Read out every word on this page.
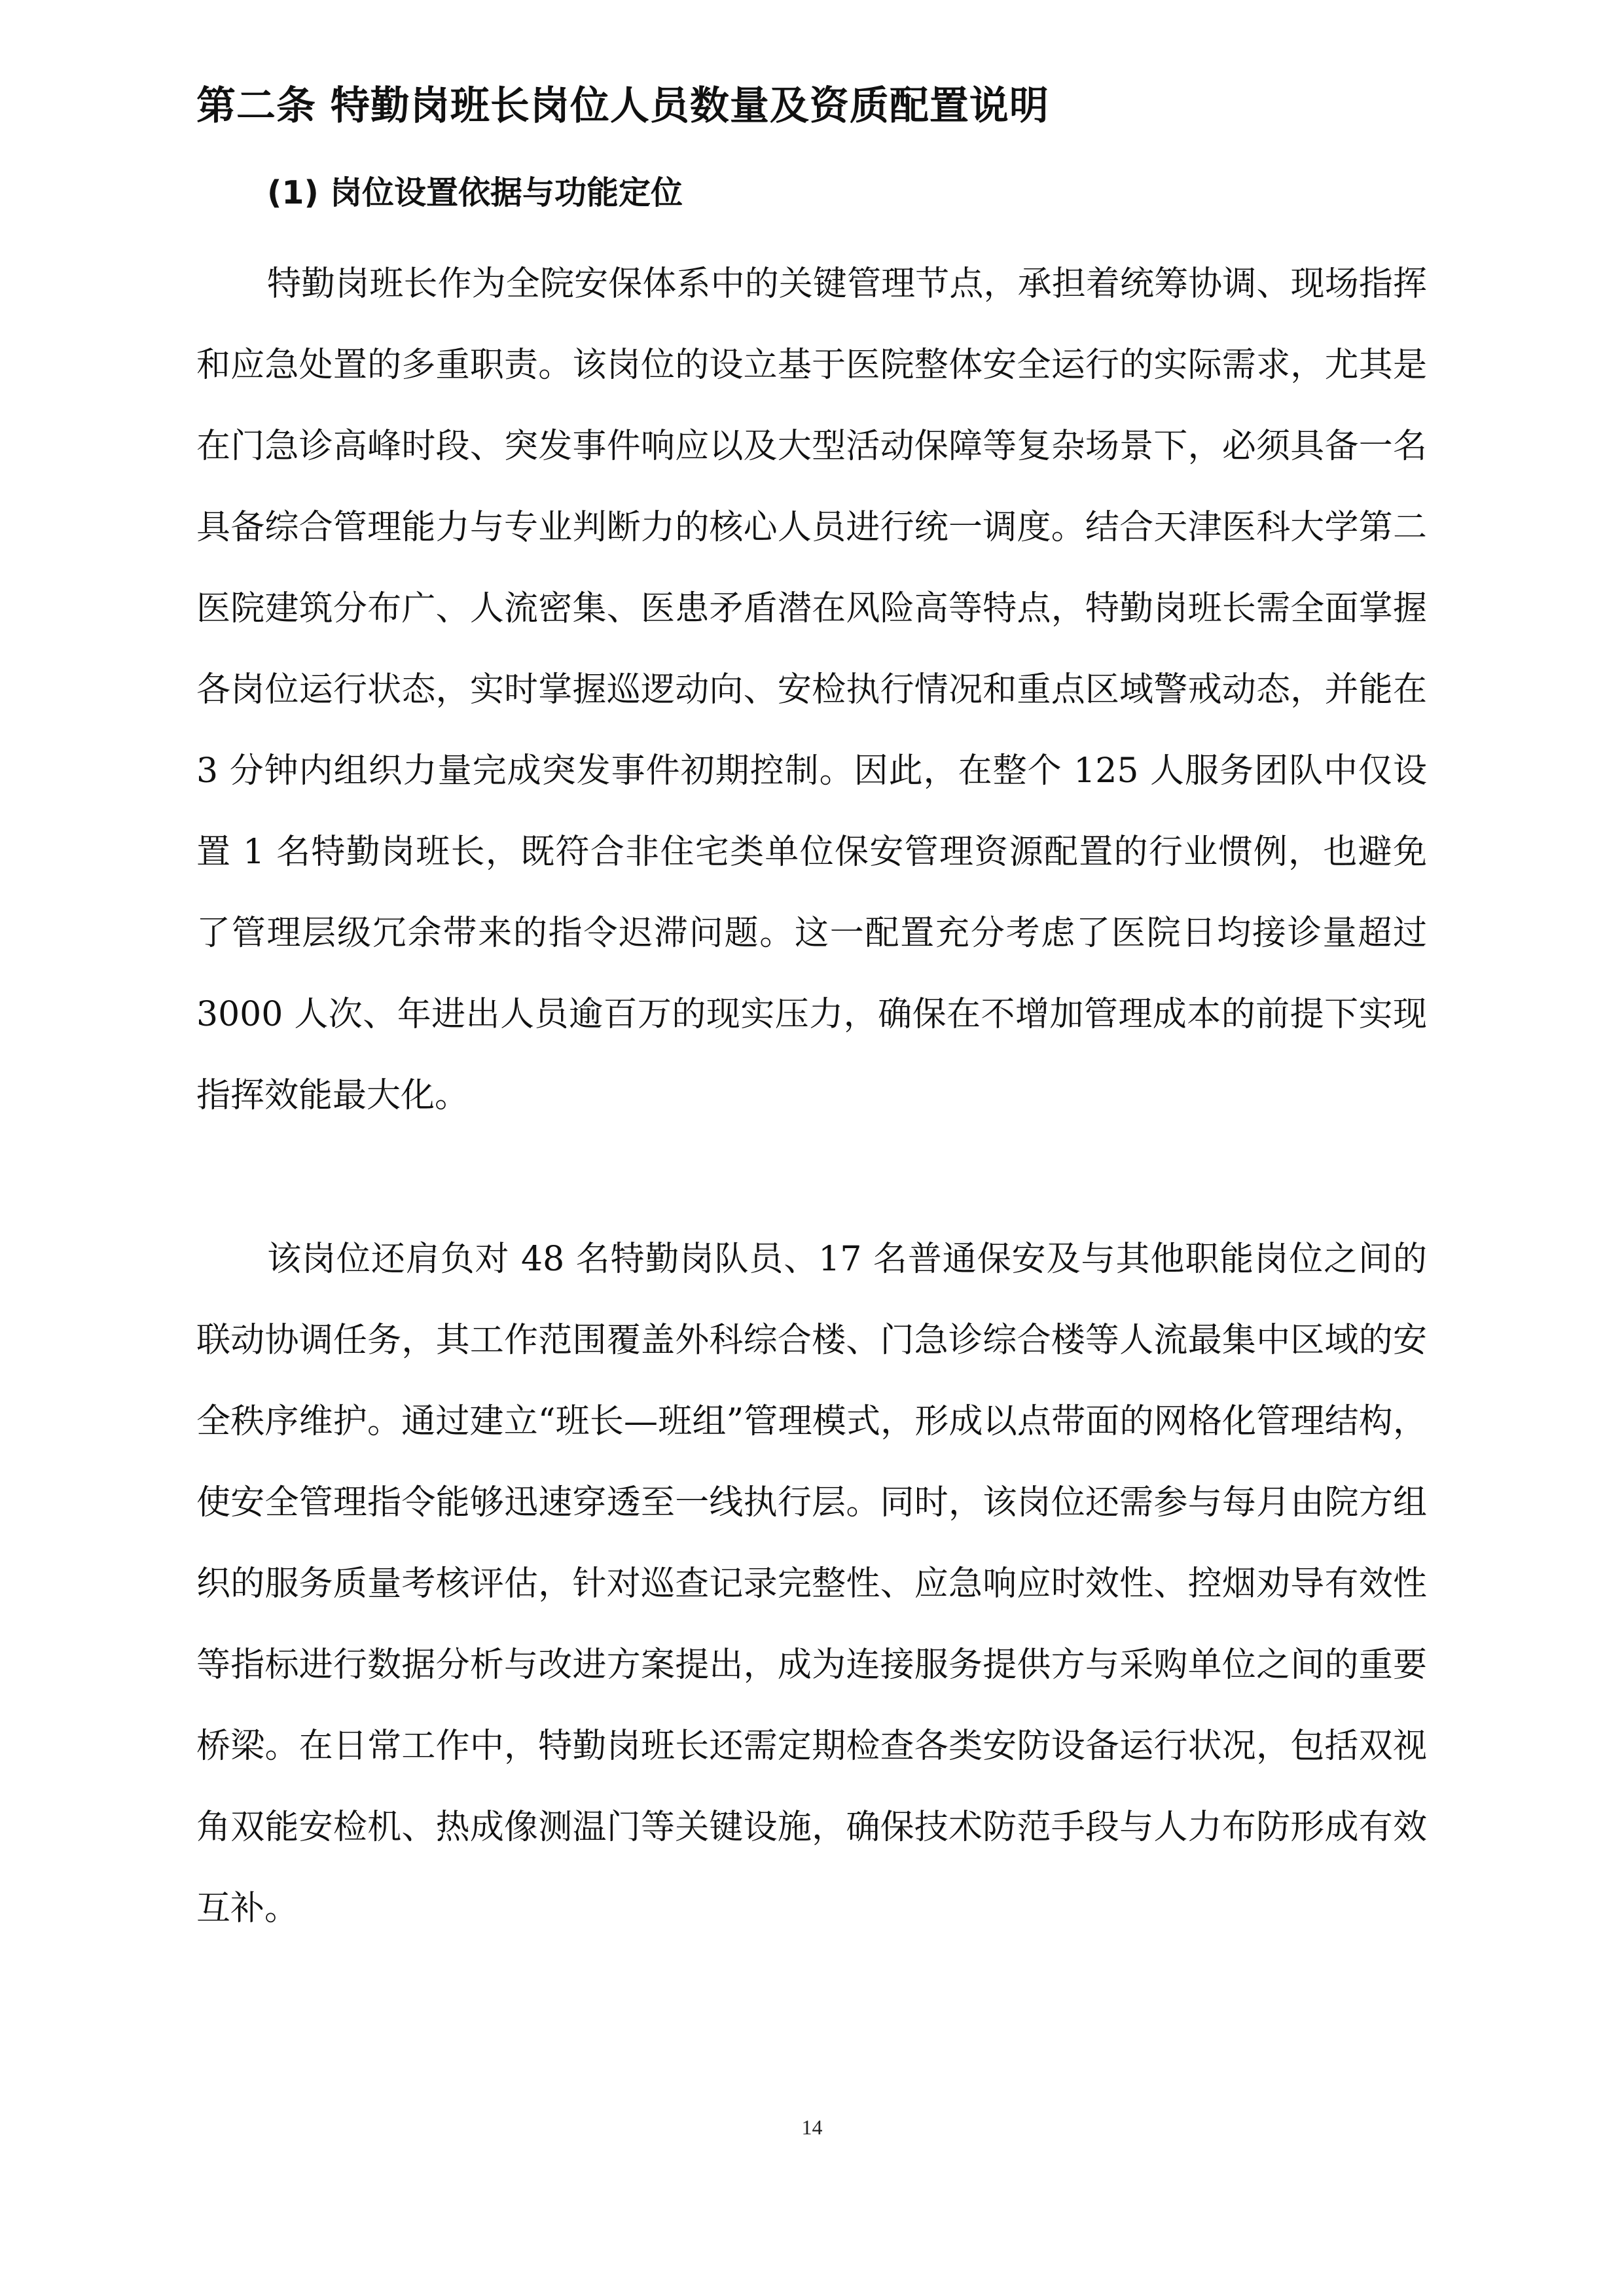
第二条 特勤岗班长岗位人员数量及资质配置说明
(1) 岗位设置依据与功能定位

特勤岗班长作为全院安保体系中的关键管理节点，承担着统筹协调、现场指挥和应急处置的多重职责。该岗位的设立基于医院整体安全运行的实际需求，尤其是在门急诊高峰时段、突发事件响应以及大型活动保障等复杂场景下，必须具备一名具备综合管理能力与专业判断力的核心人员进行统一调度。结合天津医科大学第二医院建筑分布广、人流密集、医患矛盾潜在风险高等特点，特勤岗班长需全面掌握各岗位运行状态，实时掌握巡逻动向、安检执行情况和重点区域警戒动态，并能在 3 分钟内组织力量完成突发事件初期控制。因此，在整个 125 人服务团队中仅设置 1 名特勤岗班长，既符合非住宅类单位保安管理资源配置的行业惯例，也避免了管理层级冗余带来的指令迟滞问题。这一配置充分考虑了医院日均接诊量超过 3000 人次、年进出人员逾百万的现实压力，确保在不增加管理成本的前提下实现指挥效能最大化。

该岗位还肩负对 48 名特勤岗队员、17 名普通保安及与其他职能岗位之间的联动协调任务，其工作范围覆盖外科综合楼、门急诊综合楼等人流最集中区域的安全秩序维护。通过建立“班长—班组”管理模式，形成以点带面的网格化管理结构，使安全管理指令能够迅速穿透至一线执行层。同时，该岗位还需参与每月由院方组织的服务质量考核评估，针对巡查记录完整性、应急响应时效性、控烟劝导有效性等指标进行数据分析与改进方案提出，成为连接服务提供方与采购单位之间的重要桥梁。在日常工作中，特勤岗班长还需定期检查各类安防设备运行状况，包括双视角双能安检机、热成像测温门等关键设施，确保技术防范手段与人力布防形成有效互补。

14
